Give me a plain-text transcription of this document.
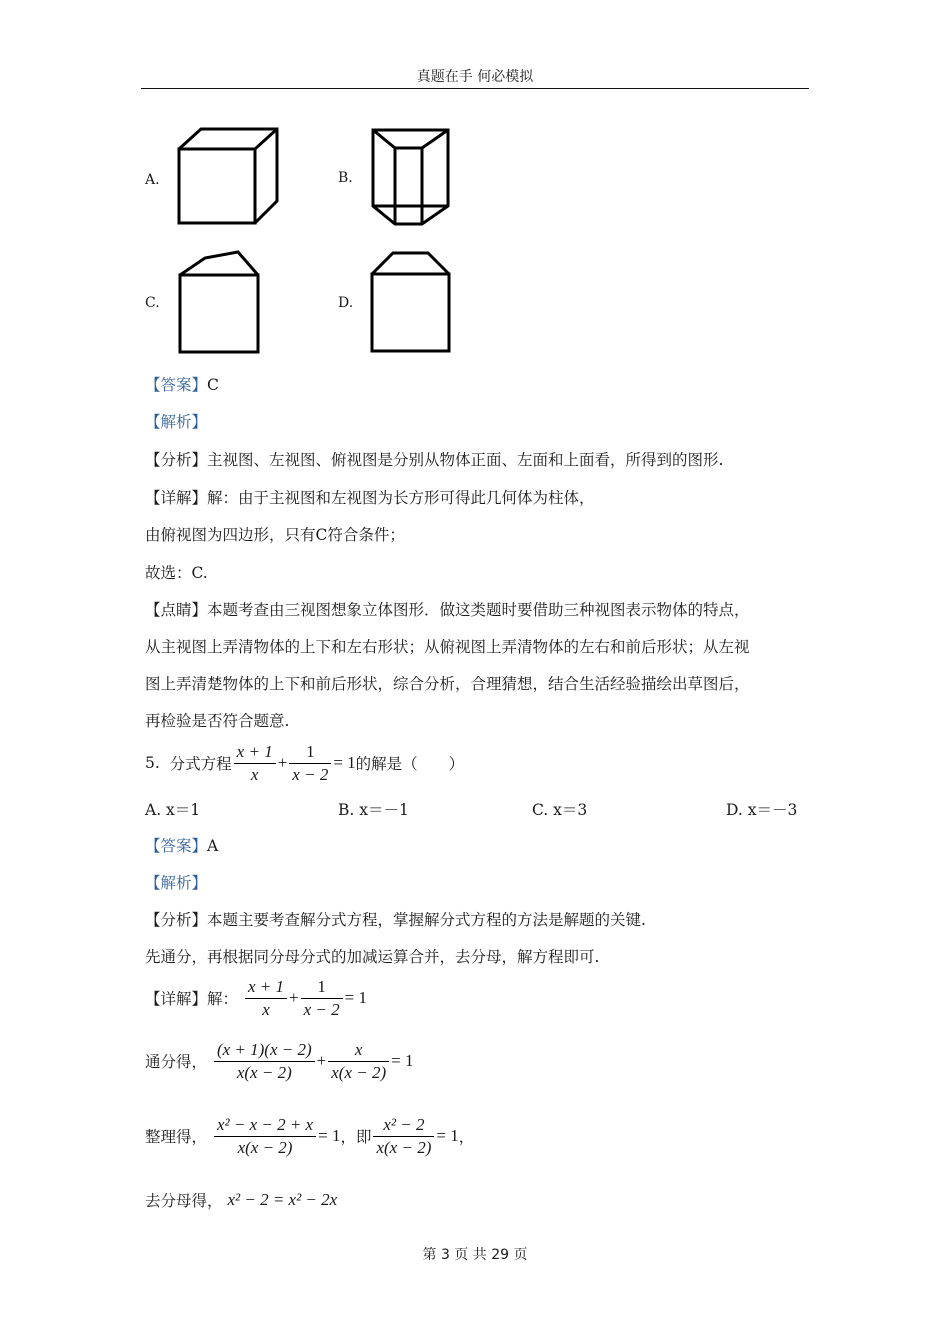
真题在手 何必模拟
A.	B.
C.	D.
【答案】C
【解析】
【分析】主视图、左视图、俯视图是分别从物体正面、左面和上面看，所得到的图形.
【详解】解：由于主视图和左视图为长方形可得此几何体为柱体，
由俯视图为四边形，只有C符合条件；
故选：C.
【点睛】本题考查由三视图想象立体图形．做这类题时要借助三种视图表示物体的特点，
从主视图上弄清物体的上下和左右形状；从俯视图上弄清物体的左右和前后形状；从左视
图上弄清楚物体的上下和前后形状，综合分析，合理猜想，结合生活经验描绘出草图后，
再检验是否符合题意.
5.
分式方程 $\frac{x + 1}{x} + \frac{1}{x - 2} = 1$ 的解是（　　）
A. x＝1	B. x＝－1	C. x＝3	D. x＝－3
【答案】A
【解析】
【分析】本题主要考查解分式方程，掌握解分式方程的方法是解题的关键.
先通分，再根据同分母分式的加减运算合并，去分母，解方程即可.
【详解】 解：
$\frac{x + 1}{x} + \frac{1}{x - 2} = 1$
通分得，
$\frac{(x + 1)(x - 2)}{x(x - 2)} + \frac{x}{x(x - 2)} = 1$
整理得，
$\frac{\text{x² − x − 2 + x}}{x(x - 2)} = 1$ ，即 $\frac{\text{x² − 2}}{x(x - 2)} = 1$ ，
去分母得，
x² − 2 = x² − 2x
第 3 页 共 29 页
